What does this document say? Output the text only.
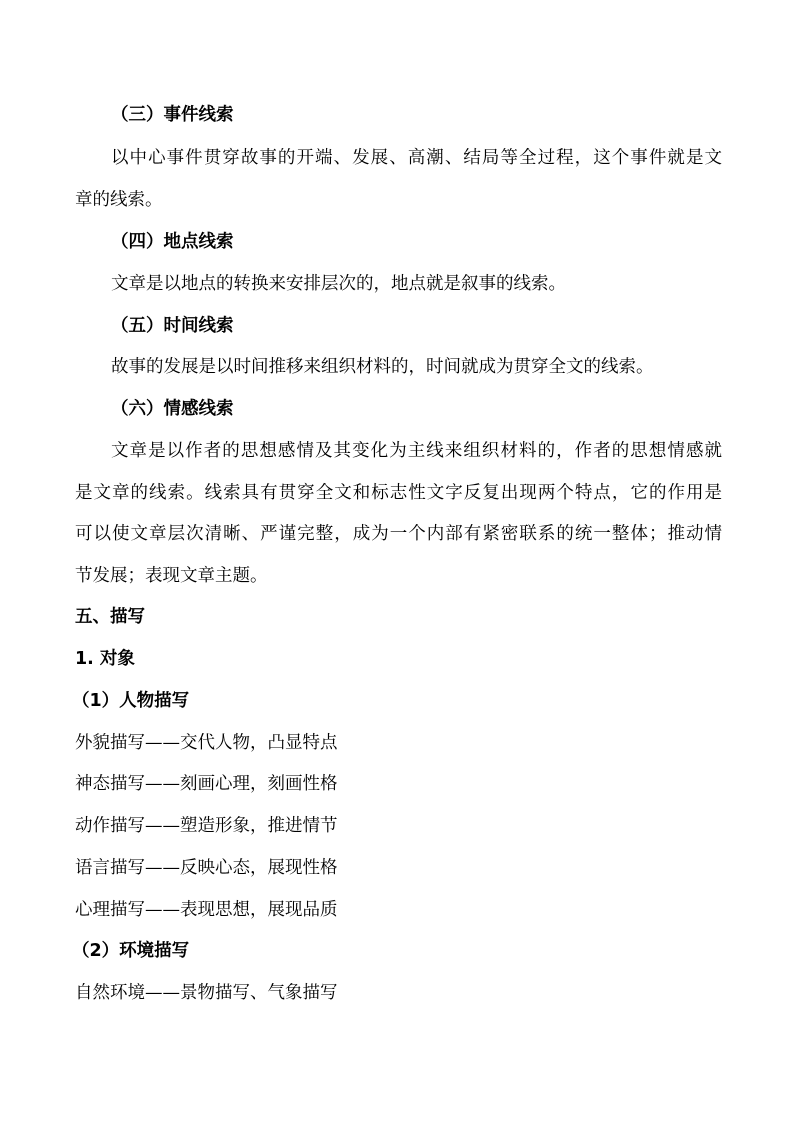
（三）事件线索
以中心事件贯穿故事的开端、发展、高潮、结局等全过程，这个事件就是文
章的线索。
（四）地点线索
文章是以地点的转换来安排层次的，地点就是叙事的线索。
（五）时间线索
故事的发展是以时间推移来组织材料的，时间就成为贯穿全文的线索。
（六）情感线索
文章是以作者的思想感情及其变化为主线来组织材料的，作者的思想情感就
是文章的线索。线索具有贯穿全文和标志性文字反复出现两个特点，它的作用是
可以使文章层次清晰、严谨完整，成为一个内部有紧密联系的统一整体；推动情
节发展；表现文章主题。
五、描写
1. 对象
（1）人物描写
外貌描写——交代人物，凸显特点
神态描写——刻画心理，刻画性格
动作描写——塑造形象，推进情节
语言描写——反映心态，展现性格
心理描写——表现思想，展现品质
（2）环境描写
自然环境——景物描写、气象描写
